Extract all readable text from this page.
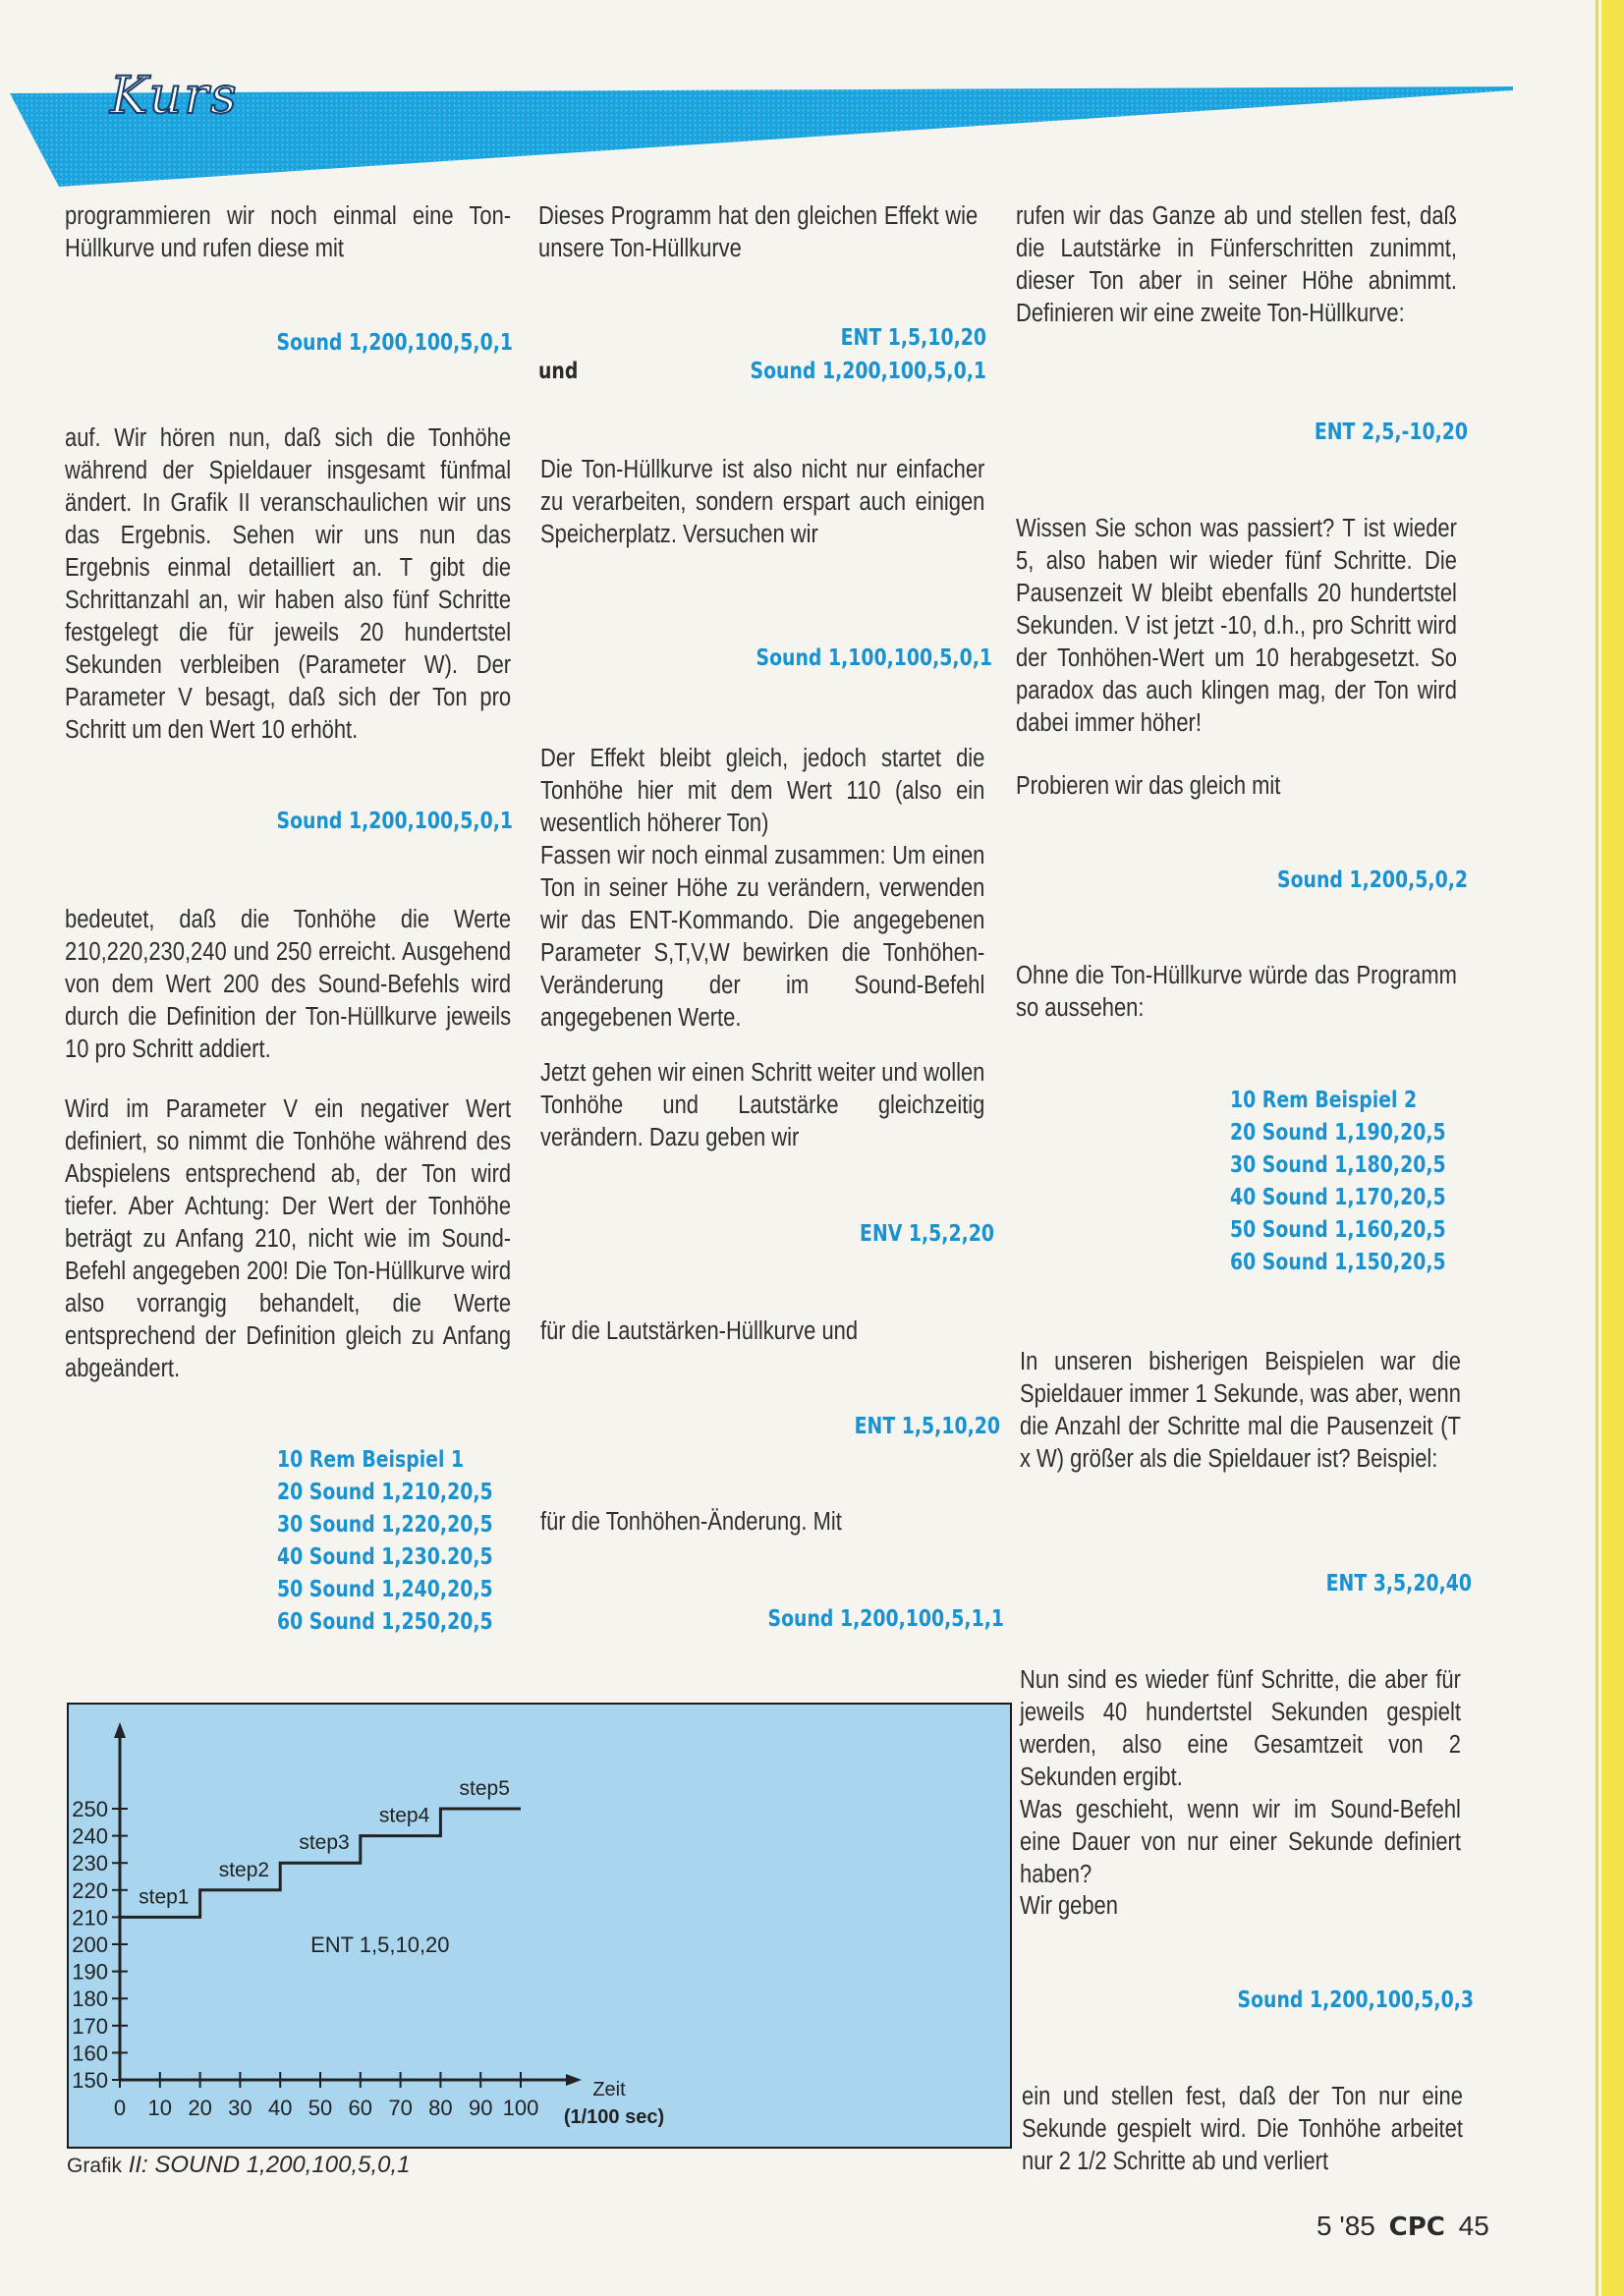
Kurs

programmieren wir noch einmal eine Ton-Hüllkurve und rufen diese mit

Sound 1,200,100,5,0,1

auf. Wir hören nun, daß sich die Tonhöhe während der Spieldauer insgesamt fünfmal ändert. In Grafik II veranschaulichen wir uns das Ergebnis. Sehen wir uns nun das Ergebnis einmal detailliert an. T gibt die Schrittanzahl an, wir haben also fünf Schritte festgelegt die für jeweils 20 hundertstel Sekunden verbleiben (Parameter W). Der Parameter V besagt, daß sich der Ton pro Schritt um den Wert 10 erhöht.

Sound 1,200,100,5,0,1

bedeutet, daß die Tonhöhe die Werte 210,220,230,240 und 250 erreicht. Ausgehend von dem Wert 200 des Sound-Befehls wird durch die Definition der Ton-Hüllkurve jeweils 10 pro Schritt addiert.

Wird im Parameter V ein negativer Wert definiert, so nimmt die Tonhöhe während des Abspielens entsprechend ab, der Ton wird tiefer. Aber Achtung: Der Wert der Tonhöhe beträgt zu Anfang 210, nicht wie im Sound-Befehl angegeben 200! Die Ton-Hüllkurve wird also vorrangig behandelt, die Werte entsprechend der Definition gleich zu Anfang abgeändert.

10 Rem Beispiel 1

20 Sound 1,210,20,5

30 Sound 1,220,20,5

40 Sound 1,230.20,5

50 Sound 1,240,20,5

60 Sound 1,250,20,5

Dieses Programm hat den gleichen Effekt wie unsere Ton-Hüllkurve

ENT 1,5,10,20

und	Sound 1,200,100,5,0,1

Die Ton-Hüllkurve ist also nicht nur einfacher zu verarbeiten, sondern erspart auch einigen Speicherplatz. Versuchen wir

Sound 1,100,100,5,0,1

Der Effekt bleibt gleich, jedoch startet die Tonhöhe hier mit dem Wert 110 (also ein wesentlich höherer Ton)

Fassen wir noch einmal zusammen: Um einen Ton in seiner Höhe zu verändern, verwenden wir das ENT-Kommando. Die angegebenen Parameter S,T,V,W bewirken die Tonhöhen-Veränderung der im Sound-Befehl angegebenen Werte.

Jetzt gehen wir einen Schritt weiter und wollen Tonhöhe und Lautstärke gleichzeitig verändern. Dazu geben wir

ENV 1,5,2,20

für die Lautstärken-Hüllkurve und

ENT 1,5,10,20

für die Tonhöhen-Änderung. Mit

Sound 1,200,100,5,1,1

rufen wir das Ganze ab und stellen fest, daß die Lautstärke in Fünferschritten zunimmt, dieser Ton aber in seiner Höhe abnimmt. Definieren wir eine zweite Ton-Hüllkurve:

ENT 2,5,-10,20

Wissen Sie schon was passiert? T ist wieder 5, also haben wir wieder fünf Schritte. Die Pausenzeit W bleibt ebenfalls 20 hundertstel Sekunden. V ist jetzt -10, d.h., pro Schritt wird der Tonhöhen-Wert um 10 herabgesetzt. So paradox das auch klingen mag, der Ton wird dabei immer höher!

Probieren wir das gleich mit

Sound 1,200,5,0,2

Ohne die Ton-Hüllkurve würde das Programm so aussehen:

10 Rem Beispiel 2

20 Sound 1,190,20,5

30 Sound 1,180,20,5

40 Sound 1,170,20,5

50 Sound 1,160,20,5

60 Sound 1,150,20,5

In unseren bisherigen Beispielen war die Spieldauer immer 1 Sekunde, was aber, wenn die Anzahl der Schritte mal die Pausenzeit (T x W) größer als die Spieldauer ist? Beispiel:

ENT 3,5,20,40

Nun sind es wieder fünf Schritte, die aber für jeweils 40 hundertstel Sekunden gespielt werden, also eine Gesamtzeit von 2 Sekunden ergibt.

Was geschieht, wenn wir im Sound-Befehl eine Dauer von nur einer Sekunde definiert haben?

Wir geben

Sound 1,200,100,5,0,3

ein und stellen fest, daß der Ton nur eine Sekunde gespielt wird. Die Tonhöhe arbeitet nur 2 1/2 Schritte ab und verliert

250
240
230
220
210
200
190
180
170
160
150
0 10 20 30 40 50 60 70 80 90 100
Zeit
(1/100 sec)
step1
step2
step3
step4
step5
ENT 1,5,10,20
Grafik II: SOUND 1,200,100,5,0,1
5 '85 CPC 45
